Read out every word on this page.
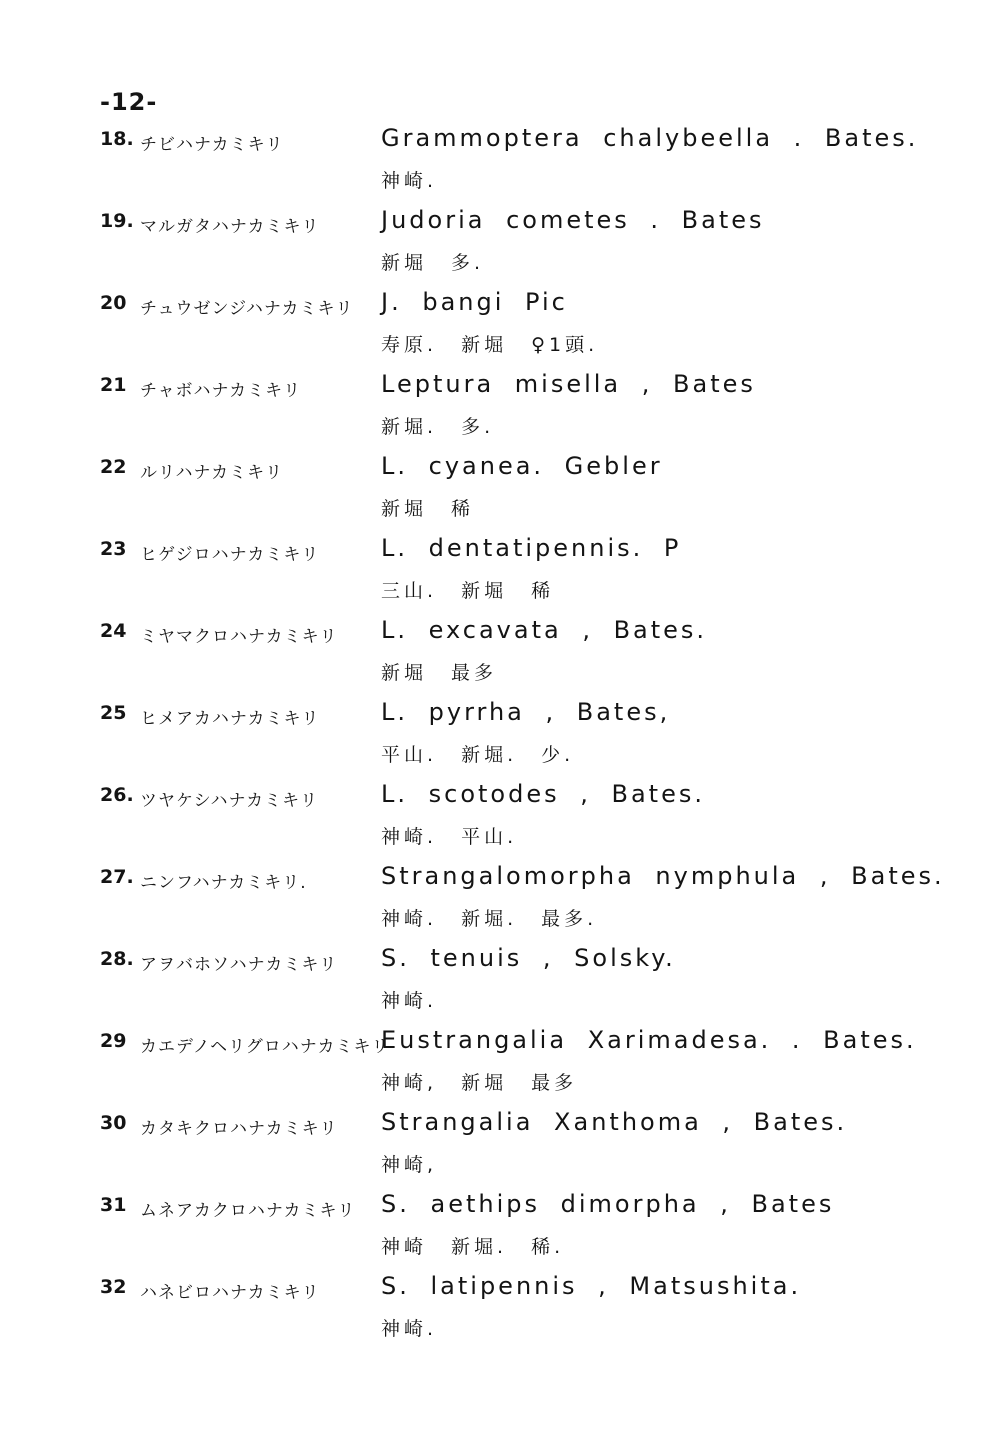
-12-
18. チビハナカミキリ	Grammoptera chalybeella . Bates.
神崎.
19. マルガタハナカミキリ	Judoria cometes . Bates
新堀 多.
20 チュウゼンジハナカミキリ J. bangi Pic
寿原. 新堀 ♀1頭.
21 チャボハナカミキリ	Leptura misella , Bates
新堀. 多.
22 ルリハナカミキリ	L. cyanea. Gebler
新堀 稀
23 ヒゲジロハナカミキリ	L. dentatipennis. P
三山. 新堀 稀
24 ミヤマクロハナカミキリ L. excavata , Bates.
新堀 最多
25 ヒメアカハナカミキリ	L. pyrrha , Bates,
平山. 新堀. 少.
26. ツヤケシハナカミキリ	L. scotodes , Bates.
神崎. 平山.
27. ニンフハナカミキリ.	Strangalomorpha nymphula , Bates.
神崎. 新堀. 最多.
28. アヲバホソハナカミキリ S. tenuis , Solsky.
神崎.
29 カエデノヘリグロハナカミキリ
Eustrangalia Xarimadesa. . Bates.
神崎, 新堀 最多
30 カタキクロハナカミキリ Strangalia Xanthoma , Bates.
神崎,
31 ムネアカクロハナカミキリ S. aethips dimorpha , Bates
神崎 新堀. 稀.
32 ハネビロハナカミキリ	S. latipennis , Matsushita.
神崎.
